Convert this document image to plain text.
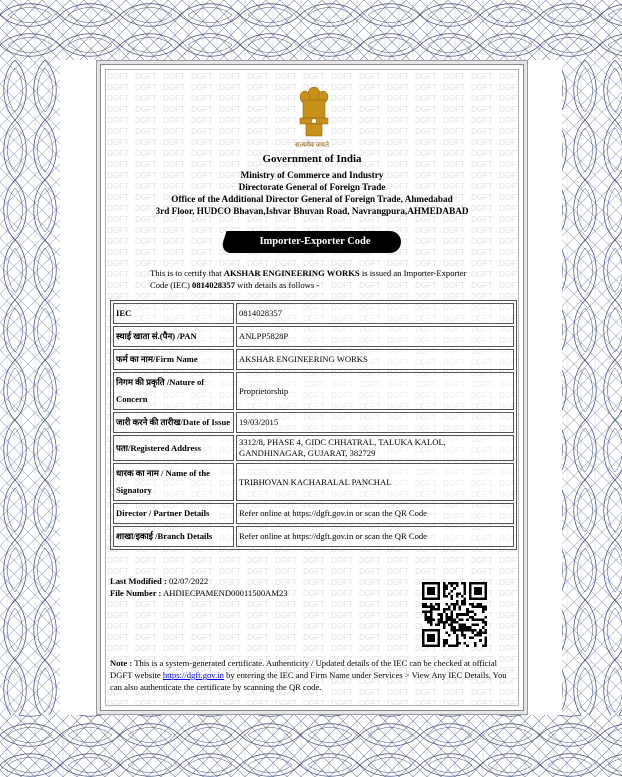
सत्यमेव जयते
Government of India
Ministry of Commerce and Industry
Directorate General of Foreign Trade
Office of the Additional Director General of Foreign Trade, Ahmedabad
3rd Floor, HUDCO Bhavan,Ishvar Bhuvan Road, Navrangpura,AHMEDABAD
Importer-Exporter Code
This is to certify that AKSHAR ENGINEERING WORKS is issued an Importer-Exporter Code (IEC) 0814028357 with details as follows -
IEC	0814028357
स्थाई खाता सं.(पैन) /PAN	ANLPP5828P
फर्म का नाम/Firm Name	AKSHAR ENGINEERING WORKS
निगम की प्रकृति /Nature of Concern	Proprietorship
जारी करने की तारीख/Date of Issue	19/03/2015
पता/Registered Address	3312/8, PHASE 4, GIDC CHHATRAL, TALUKA KALOL, GANDHINAGAR, GUJARAT, 382729
धारक का नाम / Name of the Signatory	TRIBHOVAN KACHARALAL PANCHAL
Director / Partner Details	Refer online at https://dgft.gov.in or scan the QR Code
शाखा/इकाई /Branch Details	Refer online at https://dgft.gov.in or scan the QR Code
Last Modified : 02/07/2022
File Number : AHDIECPAMEND00011500AM23
Note : This is a system-generated certificate. Authenticity / Updated details of the IEC can be checked at official DGFT website https://dgft.gov.in by entering the IEC and Firm Name under Services > View Any IEC Details. You can also authenticate the certificate by scanning the QR code.
